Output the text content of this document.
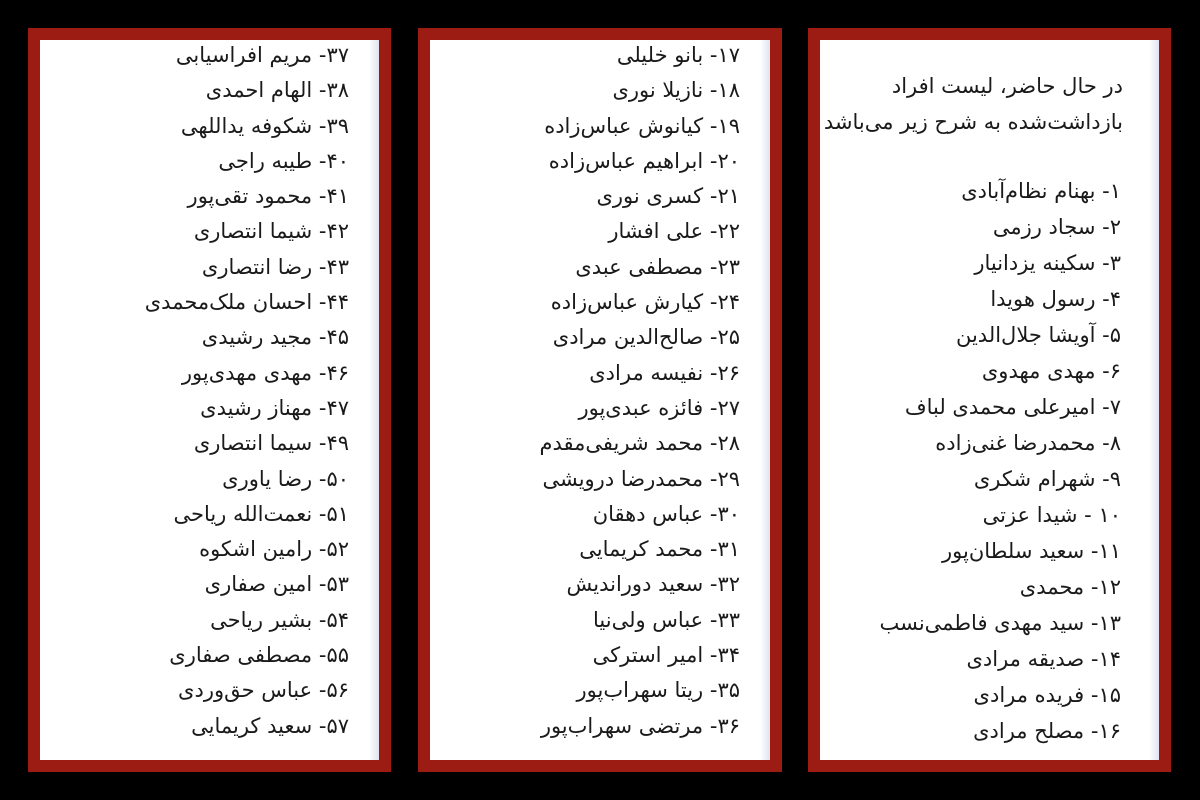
۳۷- مریم افراسیابی
۳۸- الهام احمدی
۳۹- شکوفه یداللهی
۴۰- طیبه راجی
۴۱- محمود تقی‌پور
۴۲- شیما انتصاری
۴۳- رضا انتصاری
۴۴- احسان ملک‌محمدی
۴۵- مجید رشیدی
۴۶- مهدی مهدی‌پور
۴۷- مهناز رشیدی
۴۹- سیما انتصاری
۵۰- رضا یاوری
۵۱- نعمت‌الله ریاحی
۵۲- رامین اشکوه
۵۳- امین صفاری
۵۴- بشیر ریاحی
۵۵- مصطفی صفاری
۵۶- عباس حق‌وردی
۵۷- سعید کریمایی
۱۷- بانو خلیلی
۱۸- نازیلا نوری
۱۹- کیانوش عباس‌زاده
۲۰- ابراهیم عباس‌زاده
۲۱- کسری نوری
۲۲- علی افشار
۲۳- مصطفی عبدی
۲۴- کیارش عباس‌زاده
۲۵- صالح‌الدین مرادی
۲۶- نفیسه مرادی
۲۷- فائزه عبدی‌پور
۲۸- محمد شریفی‌مقدم
۲۹- محمدرضا درویشی
۳۰- عباس دهقان
۳۱- محمد کریمایی
۳۲- سعید دوراندیش
۳۳- عباس ولی‌نیا
۳۴- امیر استرکی
۳۵- ریتا سهراب‌پور
۳۶- مرتضی سهراب‌پور
در حال حاضر، لیست افراد
بازداشت‌شده به شرح زیر می‌باشد
۱- بهنام نظام‌آبادی
۲- سجاد رزمی
۳- سکینه یزدانیار
۴- رسول هویدا
۵- آویشا جلال‌الدین
۶- مهدی مهدوی
۷- امیرعلی محمدی لباف
۸- محمدرضا غنی‌زاده
۹- شهرام شکری
۱۰ - شیدا عزتی
۱۱- سعید سلطان‌پور
۱۲- محمدی
۱۳- سید مهدی فاطمی‌نسب
۱۴- صدیقه مرادی
۱۵- فریده مرادی
۱۶- مصلح مرادی
